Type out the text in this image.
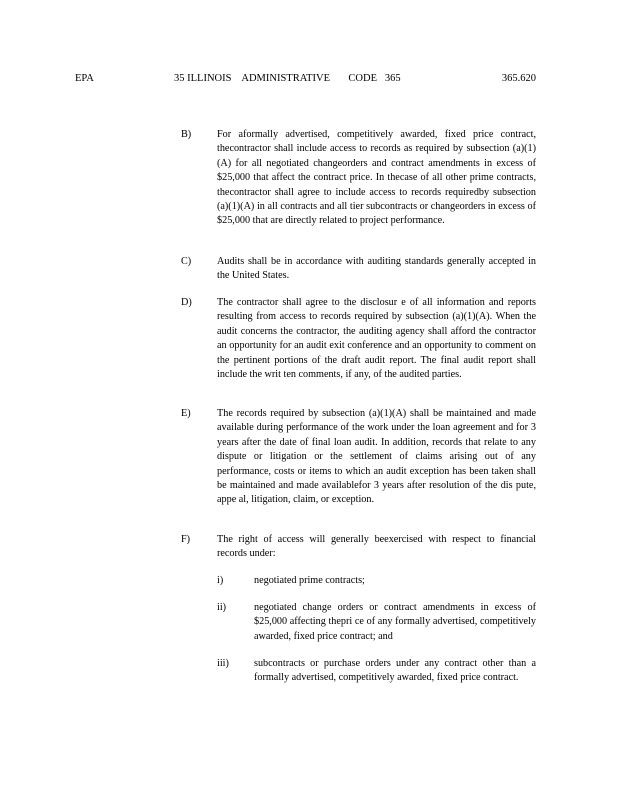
EPA	35 ILLINOIS    ADMINISTRATIVE       CODE   365	365.620
B)	For aformally advertised, competitively awarded, fixed price contract, thecontractor shall include access to records as required by subsection (a)(1)(A) for all negotiated changeorders and contract amendments in excess of $25,000 that affect the contract price. In thecase of all other prime contracts, thecontractor shall agree to include access to records requiredby subsection (a)(1)(A) in all contracts and all tier subcontracts or changeorders in excess of $25,000 that are directly related to project performance.
C)	Audits shall be in accordance with auditing standards generally accepted in the United States.
D) The contractor shall agree to the disclosur e of all information and reports resulting from access to records required by subsection (a)(1)(A). When the audit concerns the contractor, the auditing agency shall afford the contractor an opportunity for an audit exit conference and an opportunity to comment on the pertinent portions of the draft audit report. The final audit report shall include the writ ten comments, if any, of the audited parties.
E)	The records required by subsection (a)(1)(A) shall be maintained and made available during performance of the work under the loan agreement and for 3 years after the date of final loan audit. In addition, records that relate to any dispute or litigation or the settlement of claims arising out of any performance, costs or items to which an audit exception has been taken shall be maintained and made availablefor 3 years after resolution of the dis pute, appe al, litigation, claim, or exception.
F)	The right of access will generally beexercised with respect to financial records under:
i)	negotiated prime contracts;
ii)	negotiated change orders or contract amendments in excess of $25,000 affecting thepri ce of any formally advertised, competitively awarded, fixed price contract; and
iii) subcontracts or purchase orders under any contract other than a formally advertised, competitively awarded, fixed price contract.
